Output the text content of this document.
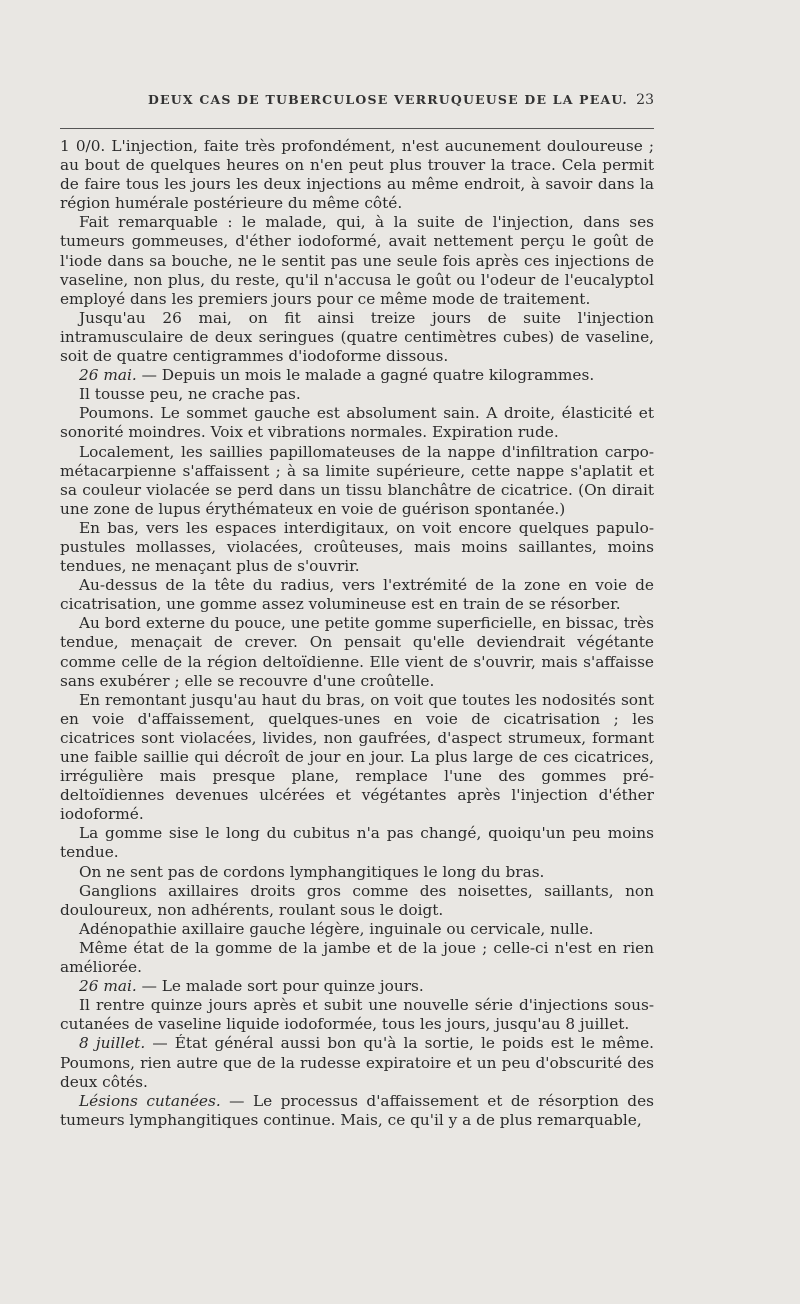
DEUX CAS DE TUBERCULOSE VERRUQUEUSE DE LA PEAU. 23

1 0/0. L'injection, faite très profondément, n'est aucunement douloureuse ; au bout de quelques heures on n'en peut plus trouver la trace. Cela permit de faire tous les jours les deux injections au même endroit, à savoir dans la région humérale postérieure du même côté.

Fait remarquable : le malade, qui, à la suite de l'injection, dans ses tumeurs gommeuses, d'éther iodoformé, avait nettement perçu le goût de l'iode dans sa bouche, ne le sentit pas une seule fois après ces injections de vaseline, non plus, du reste, qu'il n'accusa le goût ou l'odeur de l'eucalyptol employé dans les premiers jours pour ce même mode de traitement.

Jusqu'au 26 mai, on fit ainsi treize jours de suite l'injection intramusculaire de deux seringues (quatre centimètres cubes) de vaseline, soit de quatre centigrammes d'iodoforme dissous.

26 mai. — Depuis un mois le malade a gagné quatre kilogrammes.

Il tousse peu, ne crache pas.

Poumons. Le sommet gauche est absolument sain. A droite, élasticité et sonorité moindres. Voix et vibrations normales. Expiration rude.

Localement, les saillies papillomateuses de la nappe d'infiltration carpo-métacarpienne s'affaissent ; à sa limite supérieure, cette nappe s'aplatit et sa couleur violacée se perd dans un tissu blanchâtre de cicatrice. (On dirait une zone de lupus érythémateux en voie de guérison spontanée.)

En bas, vers les espaces interdigitaux, on voit encore quelques papulo-pustules mollasses, violacées, croûteuses, mais moins saillantes, moins tendues, ne menaçant plus de s'ouvrir.

Au-dessus de la tête du radius, vers l'extrémité de la zone en voie de cicatrisation, une gomme assez volumineuse est en train de se résorber.

Au bord externe du pouce, une petite gomme superficielle, en bissac, très tendue, menaçait de crever. On pensait qu'elle deviendrait végétante comme celle de la région deltoïdienne. Elle vient de s'ouvrir, mais s'affaisse sans exubérer ; elle se recouvre d'une croûtelle.

En remontant jusqu'au haut du bras, on voit que toutes les nodosités sont en voie d'affaissement, quelques-unes en voie de cicatrisation ; les cicatrices sont violacées, livides, non gaufrées, d'aspect strumeux, formant une faible saillie qui décroît de jour en jour. La plus large de ces cicatrices, irrégulière mais presque plane, remplace l'une des gommes pré-deltoïdiennes devenues ulcérées et végétantes après l'injection d'éther iodoformé.

La gomme sise le long du cubitus n'a pas changé, quoiqu'un peu moins tendue.

On ne sent pas de cordons lymphangitiques le long du bras.

Ganglions axillaires droits gros comme des noisettes, saillants, non douloureux, non adhérents, roulant sous le doigt.

Adénopathie axillaire gauche légère, inguinale ou cervicale, nulle.

Même état de la gomme de la jambe et de la joue ; celle-ci n'est en rien améliorée.

26 mai. — Le malade sort pour quinze jours.

Il rentre quinze jours après et subit une nouvelle série d'injections sous-cutanées de vaseline liquide iodoformée, tous les jours, jusqu'au 8 juillet.

8 juillet. — État général aussi bon qu'à la sortie, le poids est le même. Poumons, rien autre que de la rudesse expiratoire et un peu d'obscurité des deux côtés.

Lésions cutanées. — Le processus d'affaissement et de résorption des tumeurs lymphangitiques continue. Mais, ce qu'il y a de plus remarquable,
